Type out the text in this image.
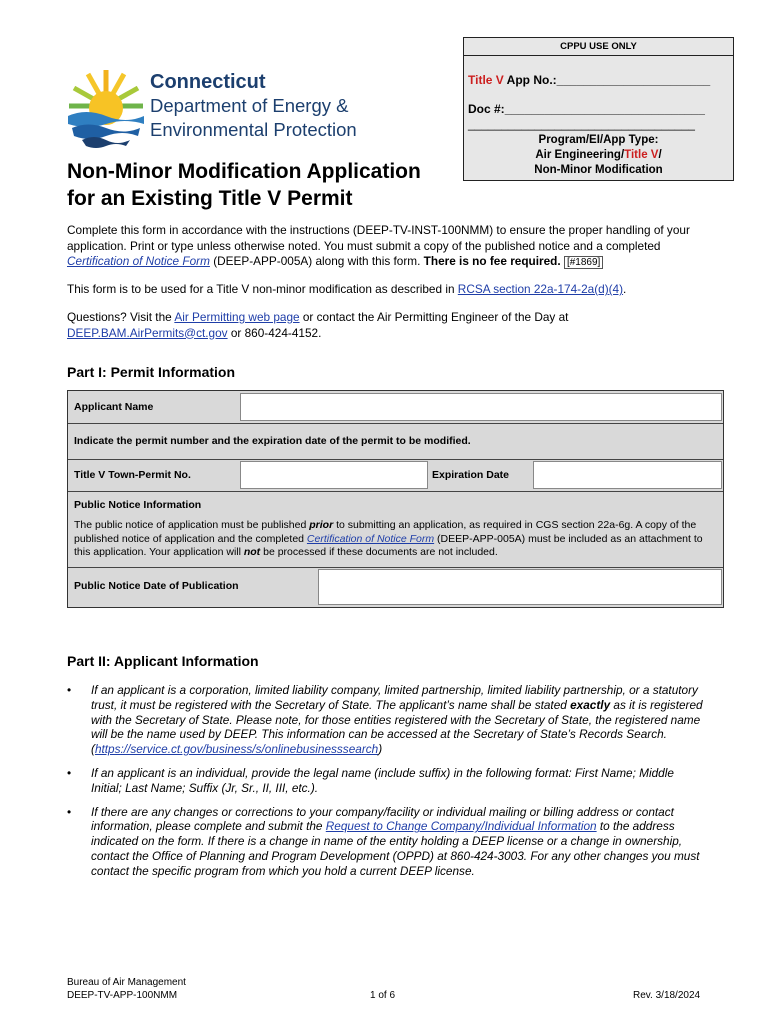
CPPU USE ONLY
Title V App No.:_______________________
Doc #:______________________________
__________________________________
Program/EI/App Type:
Air Engineering/Title V/
Non-Minor Modification
Connecticut
Department of Energy &
Environmental Protection
Non-Minor Modification Application
for an Existing Title V Permit
Complete this form in accordance with the instructions (DEEP-TV-INST-100NMM) to ensure the proper handling of your application. Print or type unless otherwise noted. You must submit a copy of the published notice and a completed Certification of Notice Form (DEEP-APP-005A) along with this form. There is no fee required. [#1869]
This form is to be used for a Title V non-minor modification as described in RCSA section 22a-174-2a(d)(4).
Questions? Visit the Air Permitting web page or contact the Air Permitting Engineer of the Day at DEEP.BAM.AirPermits@ct.gov or 860-424-4152.
Part I: Permit Information
Applicant Name
Indicate the permit number and the expiration date of the permit to be modified.
Title V Town-Permit No.	Expiration Date
Public Notice Information
The public notice of application must be published prior to submitting an application, as required in CGS section 22a-6g. A copy of the published notice of application and the completed Certification of Notice Form (DEEP-APP-005A) must be included as an attachment to this application. Your application will not be processed if these documents are not included.
Public Notice Date of Publication
Part II: Applicant Information
• If an applicant is a corporation, limited liability company, limited partnership, limited liability partnership, or a statutory trust, it must be registered with the Secretary of State. The applicant’s name shall be stated exactly as it is registered with the Secretary of State. Please note, for those entities registered with the Secretary of State, the registered name will be the name used by DEEP. This information can be accessed at the Secretary of State’s Records Search. (https://service.ct.gov/business/s/onlinebusinesssearch)
• If an applicant is an individual, provide the legal name (include suffix) in the following format: First Name; Middle Initial; Last Name; Suffix (Jr, Sr., II, III, etc.).
• If there are any changes or corrections to your company/facility or individual mailing or billing address or contact information, please complete and submit the Request to Change Company/Individual Information to the address indicated on the form. If there is a change in name of the entity holding a DEEP license or a change in ownership, contact the Office of Planning and Program Development (OPPD) at 860-424-3003. For any other changes you must contact the specific program from which you hold a current DEEP license.
Bureau of Air Management
DEEP-TV-APP-100NMM	1 of 6	Rev. 3/18/2024
